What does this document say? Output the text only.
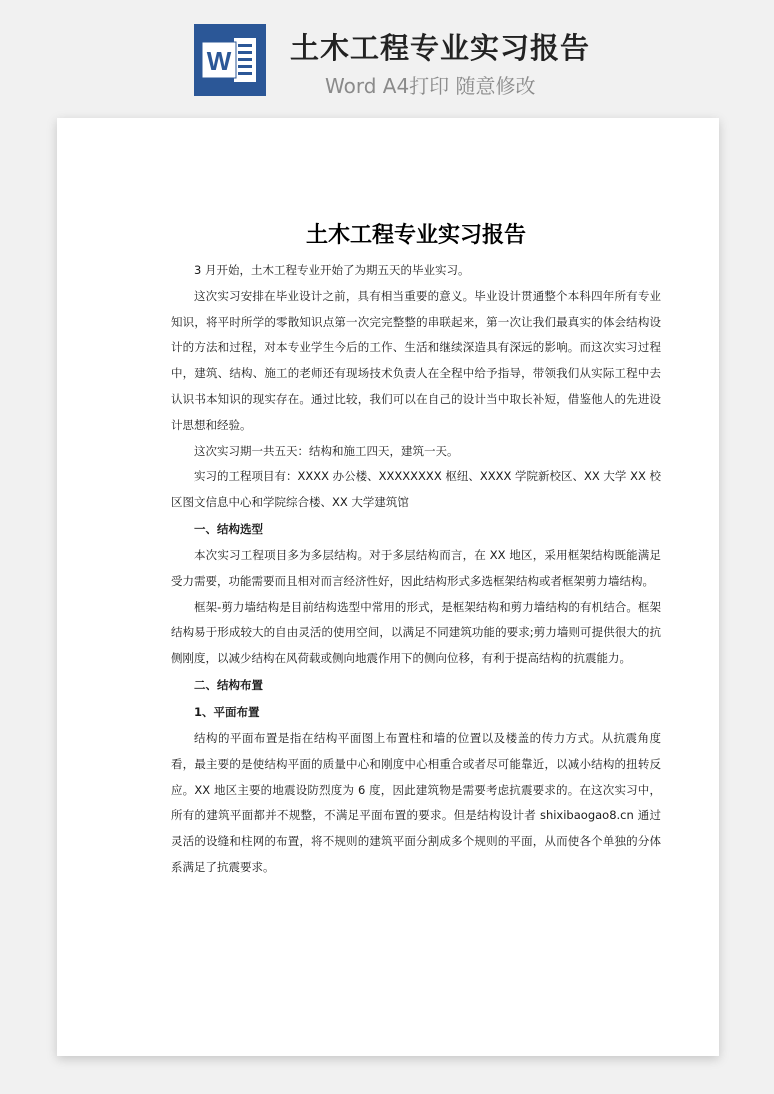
W 土木工程专业实习报告
Word A4打印 随意修改

土木工程专业实习报告

3 月开始，土木工程专业开始了为期五天的毕业实习。

这次实习安排在毕业设计之前，具有相当重要的意义。毕业设计贯通整个本科四年所有专业知识，将平时所学的零散知识点第一次完完整整的串联起来，第一次让我们最真实的体会结构设计的方法和过程，对本专业学生今后的工作、生活和继续深造具有深远的影响。而这次实习过程中，建筑、结构、施工的老师还有现场技术负责人在全程中给予指导，带领我们从实际工程中去认识书本知识的现实存在。通过比较，我们可以在自己的设计当中取长补短，借鉴他人的先进设计思想和经验。

这次实习期一共五天：结构和施工四天，建筑一天。

实习的工程项目有：XXXX 办公楼、XXXXXXXX 枢纽、XXXX 学院新校区、XX 大学 XX 校区图文信息中心和学院综合楼、XX 大学建筑馆

一、结构选型

本次实习工程项目多为多层结构。对于多层结构而言，在 XX 地区，采用框架结构既能满足受力需要，功能需要而且相对而言经济性好，因此结构形式多选框架结构或者框架剪力墙结构。

框架-剪力墙结构是目前结构选型中常用的形式，是框架结构和剪力墙结构的有机结合。框架结构易于形成较大的自由灵活的使用空间，以满足不同建筑功能的要求;剪力墙则可提供很大的抗侧刚度，以减少结构在风荷载或侧向地震作用下的侧向位移，有利于提高结构的抗震能力。

二、结构布置
1、平面布置

结构的平面布置是指在结构平面图上布置柱和墙的位置以及楼盖的传力方式。从抗震角度看，最主要的是使结构平面的质量中心和刚度中心相重合或者尽可能靠近，以减小结构的扭转反应。XX 地区主要的地震设防烈度为 6 度，因此建筑物是需要考虑抗震要求的。在这次实习中，所有的建筑平面都并不规整，不满足平面布置的要求。但是结构设计者 shixibaogao8.cn 通过灵活的设缝和柱网的布置，将不规则的建筑平面分割成多个规则的平面，从而使各个单独的分体系满足了抗震要求。
